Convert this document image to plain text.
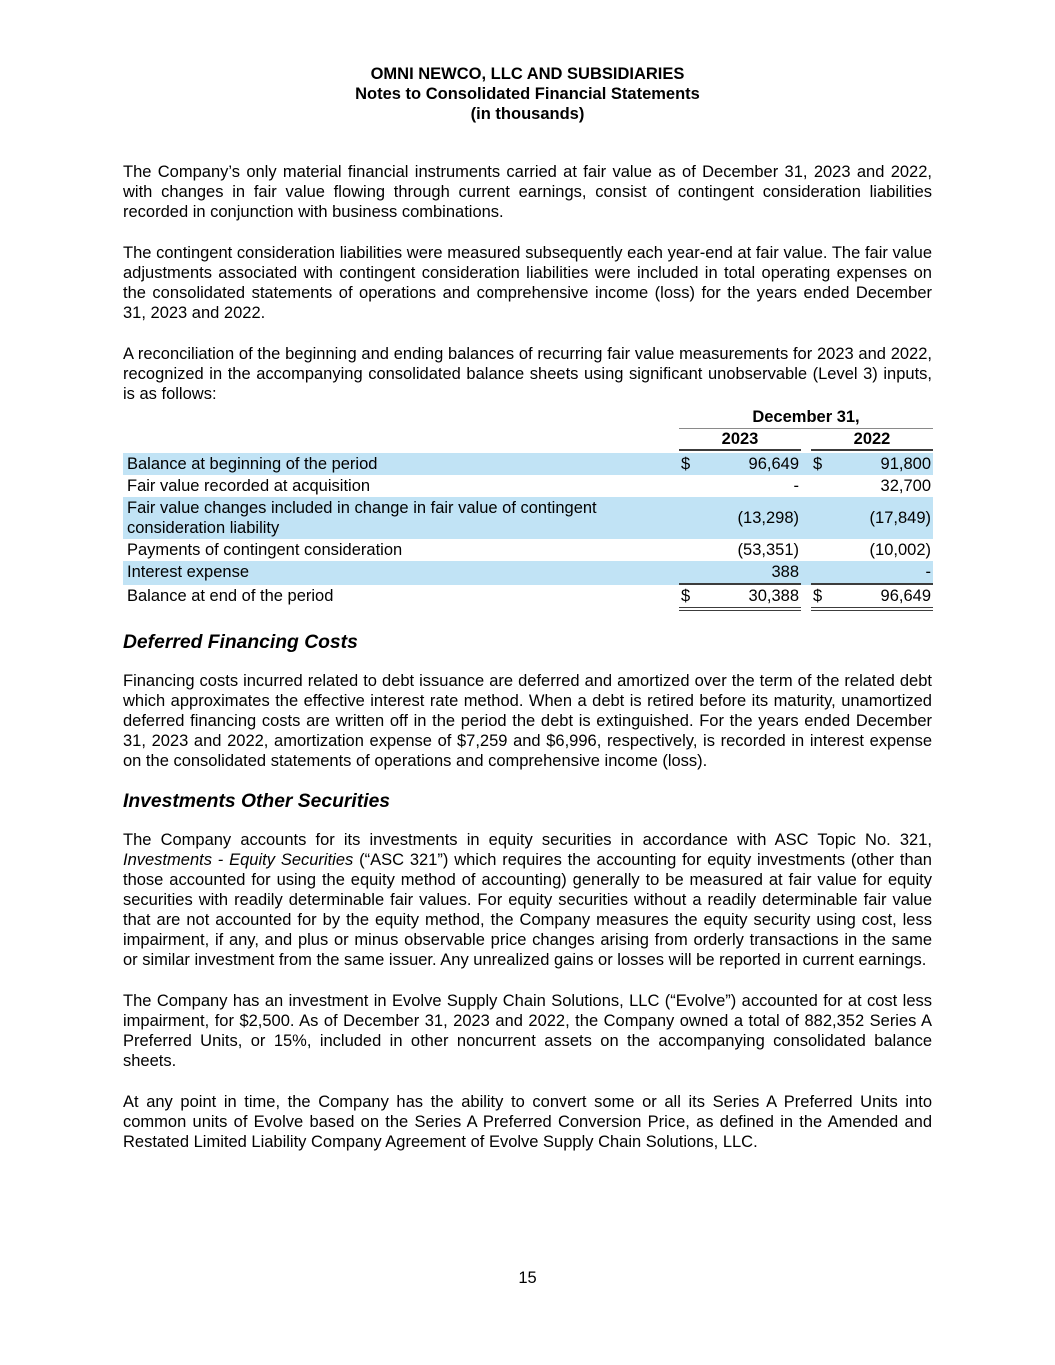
OMNI NEWCO, LLC AND SUBSIDIARIES
Notes to Consolidated Financial Statements
(in thousands)

The Company’s only material financial instruments carried at fair value as of December 31, 2023 and 2022, with changes in fair value flowing through current earnings, consist of contingent consideration liabilities recorded in conjunction with business combinations.

The contingent consideration liabilities were measured subsequently each year-end at fair value. The fair value adjustments associated with contingent consideration liabilities were included in total operating expenses on the consolidated statements of operations and comprehensive income (loss) for the years ended December 31, 2023 and 2022.

A reconciliation of the beginning and ending balances of recurring fair value measurements for 2023 and 2022, recognized in the accompanying consolidated balance sheets using significant unobservable (Level 3) inputs, is as follows:

December 31,
2023	2022
Balance at beginning of the period	$	96,649 $	91,800
Fair value recorded at acquisition	-	32,700
Fair value changes included in change in fair value of contingent consideration liability
(13,298)	(17,849)
Payments of contingent consideration	(53,351)	(10,002)
Interest expense	388	-
Balance at end of the period	$	30,388 $	96,649
Deferred Financing Costs

Financing costs incurred related to debt issuance are deferred and amortized over the term of the related debt which approximates the effective interest rate method. When a debt is retired before its maturity, unamortized deferred financing costs are written off in the period the debt is extinguished. For the years ended December 31, 2023 and 2022, amortization expense of $7,259 and $6,996, respectively, is recorded in interest expense on the consolidated statements of operations and comprehensive income (loss).

Investments Other Securities

The Company accounts for its investments in equity securities in accordance with ASC Topic No. 321, Investments - Equity Securities (“ASC 321”) which requires the accounting for equity investments (other than those accounted for using the equity method of accounting) generally to be measured at fair value for equity securities with readily determinable fair values. For equity securities without a readily determinable fair value that are not accounted for by the equity method, the Company measures the equity security using cost, less impairment, if any, and plus or minus observable price changes arising from orderly transactions in the same or similar investment from the same issuer. Any unrealized gains or losses will be reported in current earnings.

The Company has an investment in Evolve Supply Chain Solutions, LLC (“Evolve”) accounted for at cost less impairment, for $2,500. As of December 31, 2023 and 2022, the Company owned a total of 882,352 Series A Preferred Units, or 15%, included in other noncurrent assets on the accompanying consolidated balance sheets.

At any point in time, the Company has the ability to convert some or all its Series A Preferred Units into common units of Evolve based on the Series A Preferred Conversion Price, as defined in the Amended and Restated Limited Liability Company Agreement of Evolve Supply Chain Solutions, LLC.

15
